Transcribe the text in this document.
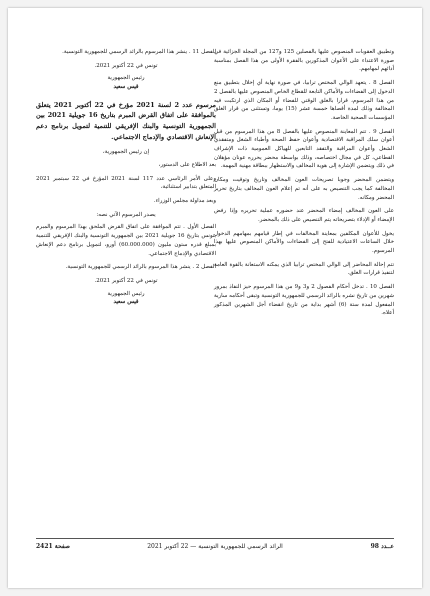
وتطبيق العقوبات المنصوص عليها بالفصلين 125 و127 من المجلة الجزائية في صورة الاعتداء على الأعوان المذكورين بالفقرة الأولى من هذا الفصل بمناسبة أدائهم لمهامهم.

الفصل 8 . يتعهد الوالي المختص ترابيا، في صورة نهاية أي إخلال بتطبيق منع الدخول إلى الفضاءات والأماكن التابعة للقطاع الخاص المنصوص عليها بالفصل 2 من هذا المرسوم، قرارا بالغلق الوقتي للفضاء أو المكان الذي ارتكبت فيه المخالفة وذلك لمدة أقصاها خمسة عشر (15) يوما، وتستثنى من قرار الغلق المؤسسات الصحية الخاصة.

الفصل 9 . تتم المعاينة المنصوص عليها بالفصل 8 من هذا المرسوم من قبل أعوان سلك المراقبة الاقتصادية وأعوان حفظ الصحة وأطباء الشغل ومتفقدي الشغل وأعوان المراقبة والتفقد التابعين للهياكل العمومية ذات الإشراف القطاعي، كل في مجال اختصاصه، وذلك بواسطة محضر يحرره عونان مؤهلان في ذلك ويتضمن الإشارة إلى هوية المخالف والاستظهار ببطاقة مهنية المهمة.

ويتضمن المحضر وجوبا تصريحات العون المخالف وتاريخ وتوقيت ومكان المخالفة كما يجب التنصيص به على أنه تم إعلام العون المخالف بتاريخ تحرير المحضر ومكانه.

على العون المخالف إمضاء المحضر عند حضوره عملية تحريره وإذا رفض الإمضاء أو الإدلاء بتصريحاته يتم التنصيص على ذلك بالمحضر.

يخول للأعوان المكلفين بمعاينة المخالفات في إطار قيامهم بمهامهم الدخول خلال الساعات الاعتيادية للفتح إلى الفضاءات والأماكن المنصوص عليها بهذا المرسوم.

تتم إحالة المحاضر إلى الوالي المختص ترابيا الذي يمكنه الاستعانة بالقوة العامة لتنفيذ قرارات الغلق.

الفصل 10 . تدخل أحكام الفصول 2 و3 و9 من هذا المرسوم حيز النفاذ بمرور شهرين من تاريخ نشره بالرائد الرسمي للجمهورية التونسية وتبقى أحكامه سارية المفعول لمدة ستة (6) أشهر بداية من تاريخ انقضاء أجل الشهرين المذكور أعلاه.

الفصل 11 . ينشر هذا المرسوم بالرائد الرسمي للجمهورية التونسية.

تونس في 22 أكتوبر 2021.

رئيس الجمهورية

قيس سعيد

مرسوم عدد 2 لسنة 2021 مؤرخ في 22 أكتوبر 2021 يتعلق بالموافقة على اتفاق القرض المبرم بتاريخ 16 جويلية 2021 بين الجمهورية التونسية والبنك الإفريقي للتنمية لتمويل برنامج دعم الإنعاش الاقتصادي والإدماج الاجتماعي.

إن رئيس الجمهورية،

بعد الاطلاع على الدستور،

وعلى الأمر الرئاسي عدد 117 لسنة 2021 المؤرخ في 22 سبتمبر 2021 المتعلق بتدابير استثنائية،

وبعد مداولة مجلس الوزراء.

يصدر المرسوم الآتي نصه:

الفصل الأول . تتم الموافقة على اتفاق القرض الملحق بهذا المرسوم والمبرم بتونس بتاريخ 16 جويلية 2021 بين الجمهورية التونسية والبنك الإفريقي للتنمية بمبلغ قدره ستون مليون (60.000.000) أورو، لتمويل برنامج دعم الإنعاش الاقتصادي والإدماج الاجتماعي.

الفصل 2 . ينشر هذا المرسوم بالرائد الرسمي للجمهورية التونسية.

تونس في 22 أكتوبر 2021.

رئيس الجمهورية

قيس سعيد

عــدد 98
الرائد الرسمي للجمهورية التونسية — 22 أكتوبر 2021
صفحة 2421
